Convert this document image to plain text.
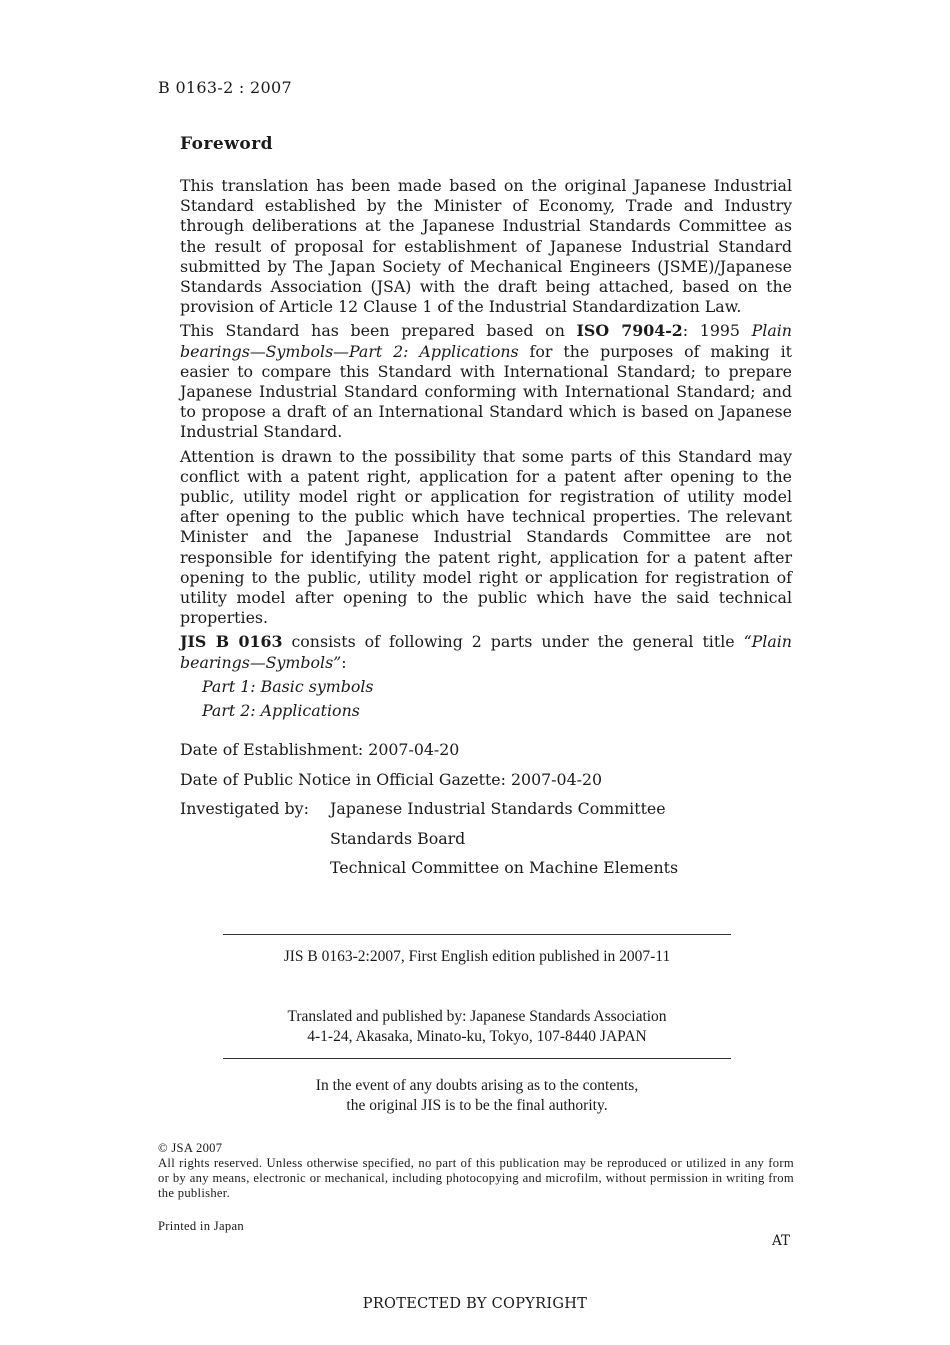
B 0163-2 : 2007
Foreword

This translation has been made based on the original Japanese Industrial Standard established by the Minister of Economy, Trade and Industry through deliberations at the Japanese Industrial Standards Committee as the result of proposal for establishment of Japanese Industrial Standard submitted by The Japan Society of Mechanical Engineers (JSME)/Japanese Standards Association (JSA) with the draft being attached, based on the provision of Article 12 Clause 1 of the Industrial Standardization Law.

This Standard has been prepared based on ISO 7904-2: 1995 Plain bearings—Symbols—Part 2: Applications for the purposes of making it easier to compare this Standard with International Standard; to prepare Japanese Industrial Standard conforming with International Standard; and to propose a draft of an International Standard which is based on Japanese Industrial Standard.

Attention is drawn to the possibility that some parts of this Standard may conflict with a patent right, application for a patent after opening to the public, utility model right or application for registration of utility model after opening to the public which have technical properties. The relevant Minister and the Japanese Industrial Standards Committee are not responsible for identifying the patent right, application for a patent after opening to the public, utility model right or application for registration of utility model after opening to the public which have the said technical properties.

JIS B 0163 consists of following 2 parts under the general title “Plain bearings—Symbols”:

Part 1: Basic symbols
Part 2: Applications
Date of Establishment: 2007-04-20
Date of Public Notice in Official Gazette: 2007-04-20
Investigated by:	Japanese Industrial Standards Committee
Standards Board
Technical Committee on Machine Elements
JIS B 0163-2:2007, First English edition published in 2007-11
Translated and published by: Japanese Standards Association
4-1-24, Akasaka, Minato-ku, Tokyo, 107-8440 JAPAN
In the event of any doubts arising as to the contents,
the original JIS is to be the final authority.
© JSA 2007
All rights reserved. Unless otherwise specified, no part of this publication may be reproduced or utilized in any form or by any means, electronic or mechanical, including photocopying and microfilm, without permission in writing from the publisher.
Printed in Japan
AT
PROTECTED BY COPYRIGHT
